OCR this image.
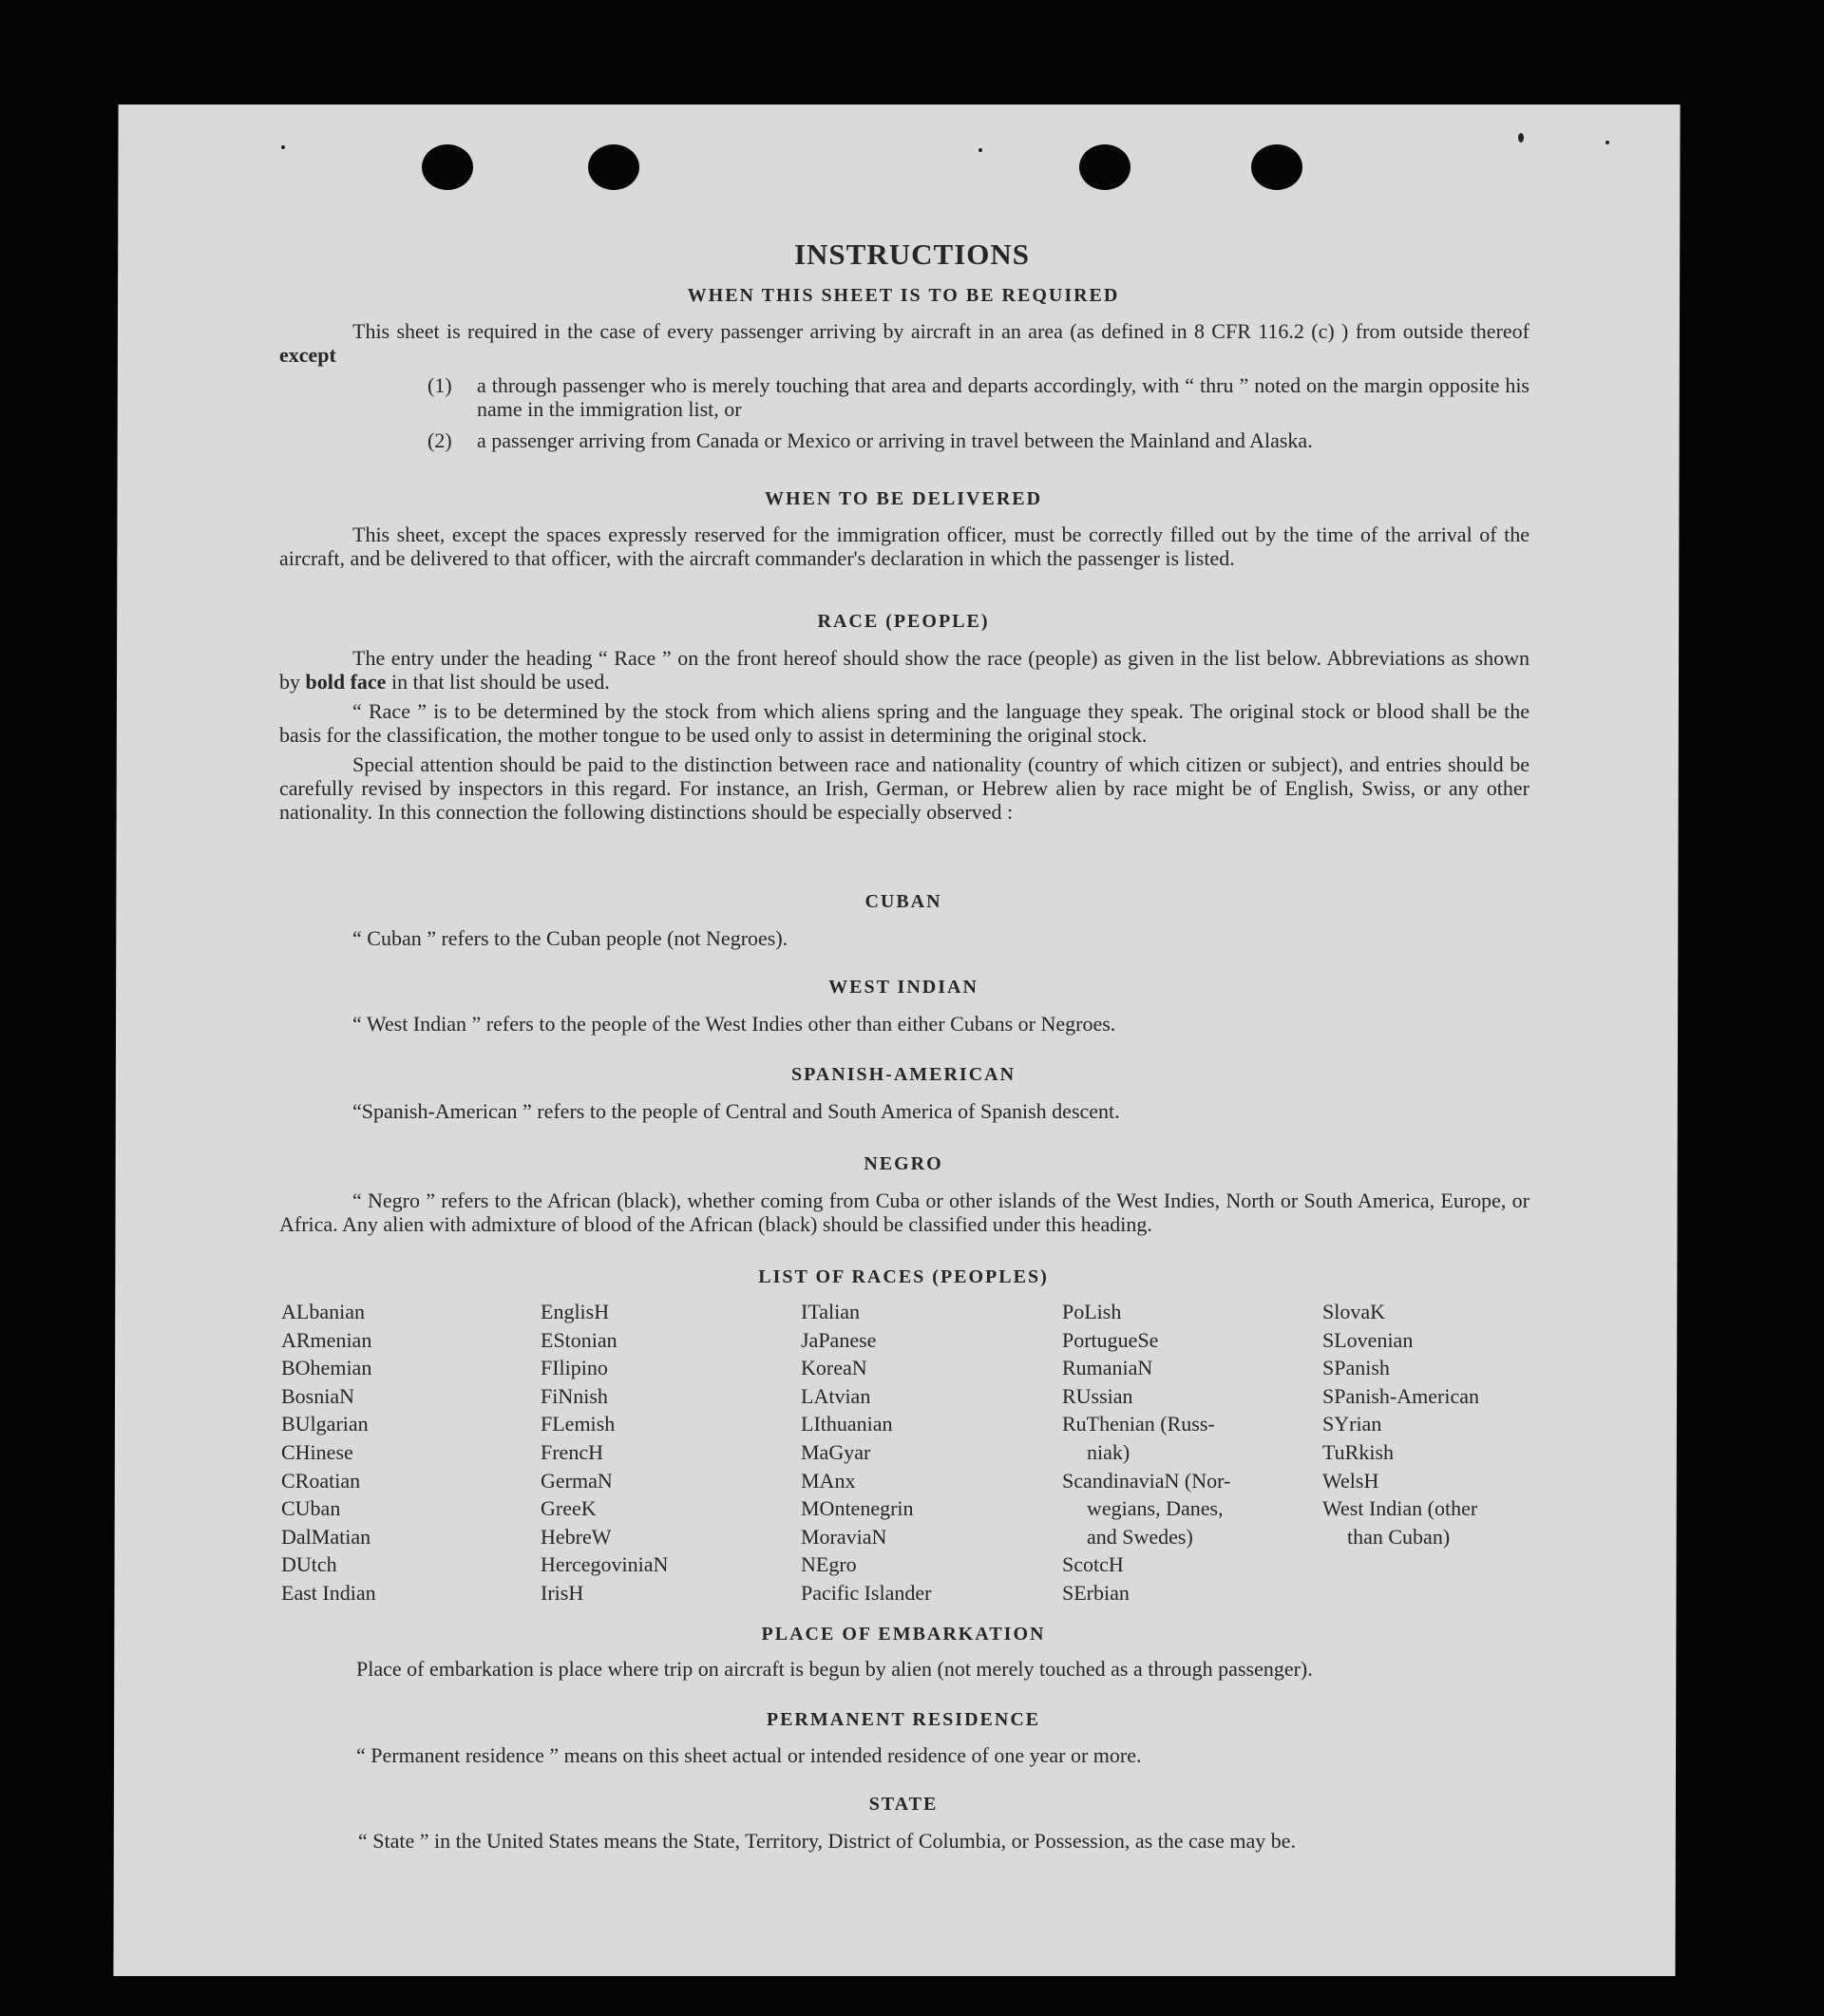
INSTRUCTIONS
WHEN THIS SHEET IS TO BE REQUIRED

This sheet is required in the case of every passenger arriving by aircraft in an area (as defined in 8 CFR 116.2 (c) ) from outside thereof except

(1) a through passenger who is merely touching that area and departs accordingly, with “ thru ” noted on the margin opposite his name in the immigration list, or
(2) a passenger arriving from Canada or Mexico or arriving in travel between the Mainland and Alaska.
WHEN TO BE DELIVERED

This sheet, except the spaces expressly reserved for the immigration officer, must be correctly filled out by the time of the arrival of the aircraft, and be delivered to that officer, with the aircraft commander's declaration in which the passenger is listed.

RACE (PEOPLE)

The entry under the heading “ Race ” on the front hereof should show the race (people) as given in the list below. Abbreviations as shown by bold face in that list should be used.

“ Race ” is to be determined by the stock from which aliens spring and the language they speak. The original stock or blood shall be the basis for the classification, the mother tongue to be used only to assist in determining the original stock.

Special attention should be paid to the distinction between race and nationality (country of which citizen or subject), and entries should be carefully revised by inspectors in this regard. For instance, an Irish, German, or Hebrew alien by race might be of English, Swiss, or any other nationality. In this connection the following distinctions should be especially observed :

CUBAN

“ Cuban ” refers to the Cuban people (not Negroes).

WEST INDIAN

“ West Indian ” refers to the people of the West Indies other than either Cubans or Negroes.

SPANISH-AMERICAN

“Spanish-American ” refers to the people of Central and South America of Spanish descent.

NEGRO

“ Negro ” refers to the African (black), whether coming from Cuba or other islands of the West Indies, North or South America, Europe, or Africa. Any alien with admixture of blood of the African (black) should be classified under this heading.

LIST OF RACES (PEOPLES)
ALbanian
ARmenian
BOhemian
BosniaN
BUlgarian
CHinese
CRoatian
CUban
DalMatian
DUtch
East Indian
EnglisH
EStonian
FIlipino
FiNnish
FLemish
FrencH
GermaN
GreeK
HebreW
HercegoviniaN
IrisH
ITalian
JaPanese
KoreaN
LAtvian
LIthuanian
MaGyar
MAnx
MOntenegrin
MoraviaN
NEgro
Pacific Islander
PoLish
PortugueSe
RumaniaN
RUssian
RuThenian (Russ-
niak)
ScandinaviaN (Nor-
wegians, Danes,
and Swedes)
ScotcH
SErbian
SlovaK
SLovenian
SPanish
SPanish-American
SYrian
TuRkish
WelsH
West Indian (other
than Cuban)
PLACE OF EMBARKATION

Place of embarkation is place where trip on aircraft is begun by alien (not merely touched as a through passenger).

PERMANENT RESIDENCE

“ Permanent residence ” means on this sheet actual or intended residence of one year or more.

STATE

“ State ” in the United States means the State, Territory, District of Columbia, or Possession, as the case may be.
